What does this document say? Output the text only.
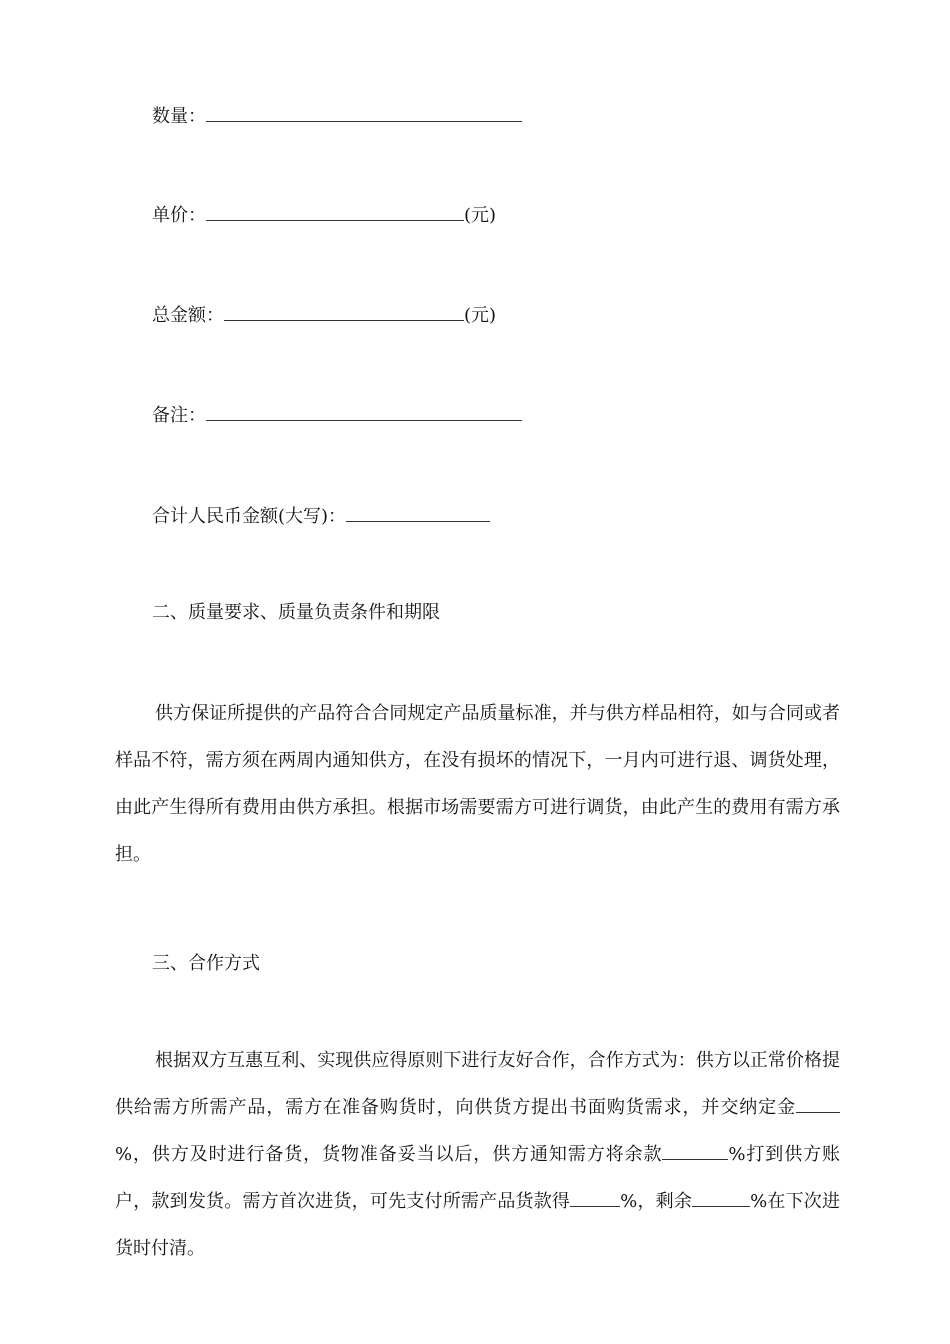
数量：
单价：	(元)
总金额：	(元)
备注：
合计人民币金额(大写)：
二、质量要求、质量负责条件和期限
供方保证所提供的产品符合合同规定产品质量标准，并与供方样品相符，如与合同或者样品不符，需方须在两周内通知供方，在没有损坏的情况下，一月内可进行退、调货处理，由此产生得所有费用由供方承担。根据市场需要需方可进行调货，由此产生的费用有需方承担。
三、合作方式
根据双方互惠互利、实现供应得原则下进行友好合作，合作方式为：供方以正常价格提供给需方所需产品，需方在准备购货时，向供货方提出书面购货需求，并交纳定金%，供方及时进行备货，货物准备妥当以后，供方通知需方将余款	%打到供方账户，款到发货。需方首次进货，可先支付所需产品货款得	%，剩余	%在下次进货时付清。
